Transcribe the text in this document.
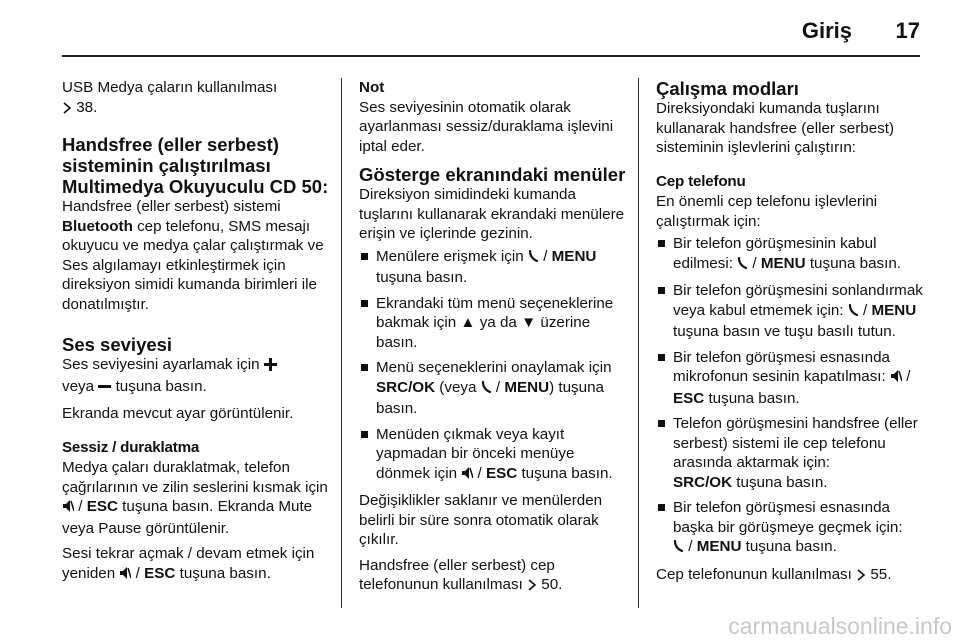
Giriş	17

USB Medya çaların kullanılması
38.

Handsfree (eller serbest) sisteminin çalıştırılması

Multimedya Okuyuculu CD 50:

Handsfree (eller serbest) sistemi
Bluetooth cep telefonu, SMS mesajı okuyucu ve medya çalar çalıştırmak ve Ses algılamayı etkinleştirmek için direksiyon simidi kumanda birimleri ile donatılmıştır.

Ses seviyesi

Ses seviyesini ayarlamak için
veya tuşuna basın.

Ekranda mevcut ayar görüntülenir.

Sessiz / duraklatma

Medya çaları duraklatmak, telefon çağrılarının ve zilin seslerini kısmak için  / ESC tuşuna basın. Ekranda Mute veya Pause görüntülenir.

Sesi tekrar açmak / devam etmek için yeniden / ESC tuşuna basın.

Not

Ses seviyesinin otomatik olarak ayarlanması sessiz/duraklama işlevini iptal eder.

Gösterge ekranındaki menüler

Direksiyon simidindeki kumanda tuşlarını kullanarak ekrandaki menülere erişin ve içlerinde gezinin.

Menülere erişmek için / MENU
tuşuna basın.

Ekrandaki tüm menü seçeneklerine bakmak için ▲ ya da ▼ üzerine basın.

Menü seçeneklerini onaylamak için SRC/OK (veya / MENU) tuşuna basın.

Menüden çıkmak veya kayıt yapmadan bir önceki menüye dönmek için / ESC tuşuna basın.

Değişiklikler saklanır ve menülerden belirli bir süre sonra otomatik olarak çıkılır.

Handsfree (eller serbest) cep telefonunun kullanılması 50.

Çalışma modları

Direksiyondaki kumanda tuşlarını kullanarak handsfree (eller serbest) sisteminin işlevlerini çalıştırın:

Cep telefonu

En önemli cep telefonu işlevlerini çalıştırmak için:

Bir telefon görüşmesinin kabul edilmesi: / MENU tuşuna basın.

Bir telefon görüşmesini sonlandırmak veya kabul etmemek için: / MENU tuşuna basın ve tuşu basılı tutun.

Bir telefon görüşmesi esnasında mikrofonun sesinin kapatılması: /
ESC tuşuna basın.

Telefon görüşmesini handsfree (eller serbest) sistemi ile cep telefonu arasında aktarmak için:
SRC/OK tuşuna basın.

Bir telefon görüşmesi esnasında başka bir görüşmeye geçmek için:
/ MENU tuşuna basın.

Cep telefonunun kullanılması 55.

carmanualsonline.info
